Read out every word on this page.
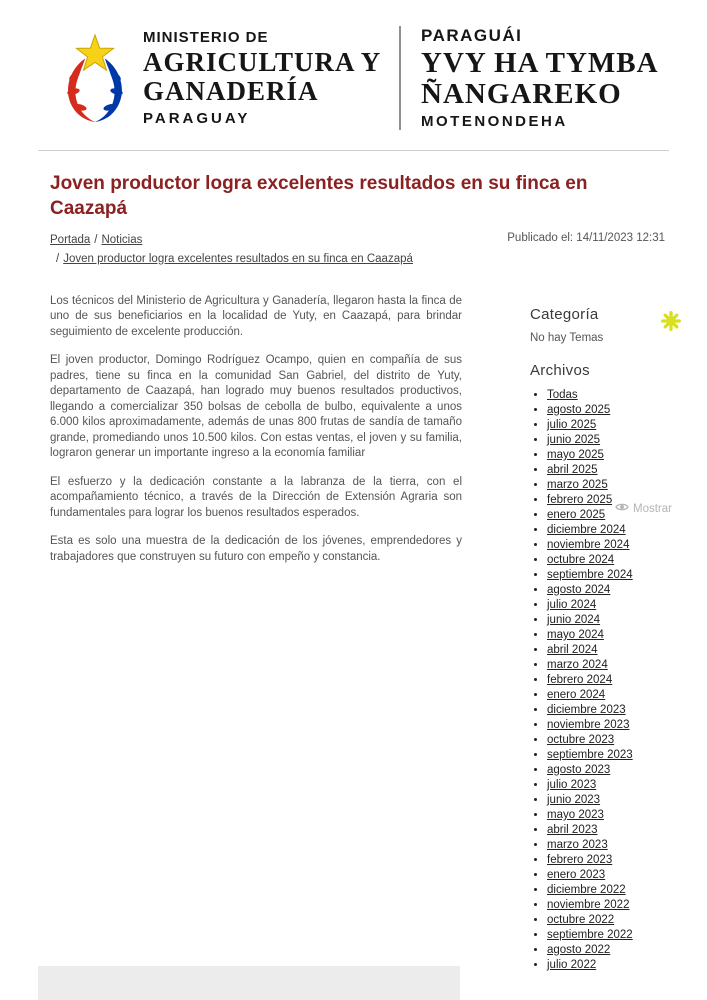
MINISTERIO DE
AGRICULTURA Y
GANADERÍA
PARAGUAY
PARAGUÁI
YVY HA TYMBA
ÑANGAREKO
MOTENONDEHA
Joven productor logra excelentes resultados en su finca en Caazapá
Portada / Noticias/ Joven productor logra excelentes resultados en su finca en Caazapá
Publicado el: 14/11/2023 12:31

Los técnicos del Ministerio de Agricultura y Ganadería, llegaron hasta la finca de uno de sus beneficiarios en la localidad de Yuty, en Caazapá, para brindar seguimiento de excelente producción.

El joven productor, Domingo Rodríguez Ocampo, quien en compañía de sus padres, tiene su finca en la comunidad San Gabriel, del distrito de Yuty, departamento de Caazapá, han logrado muy buenos resultados productivos, llegando a comercializar 350 bolsas de cebolla de bulbo, equivalente a unos 6.000 kilos aproximadamente, además de unas 800 frutas de sandía de tamaño grande, promediando unos 10.500 kilos. Con estas ventas, el joven y su familia, lograron generar un importante ingreso a la economía familiar

El esfuerzo y la dedicación constante a la labranza de la tierra, con el acompañamiento técnico, a través de la Dirección de Extensión Agraria son fundamentales para lograr los buenos resultados esperados.

Esta es solo una muestra de la dedicación de los jóvenes, emprendedores y trabajadores que construyen su futuro con empeño y constancia.

Categoría
No hay Temas
Archivos
• Todas
• agosto 2025
• julio 2025
• junio 2025
• mayo 2025
• abril 2025
• marzo 2025
• febrero 2025
• enero 2025
• diciembre 2024
• noviembre 2024
• octubre 2024
• septiembre 2024
• agosto 2024
• julio 2024
• junio 2024
• mayo 2024
• abril 2024
• marzo 2024
• febrero 2024
• enero 2024
• diciembre 2023
• noviembre 2023
• octubre 2023
• septiembre 2023
• agosto 2023
• julio 2023
• junio 2023
• mayo 2023
• abril 2023
• marzo 2023
• febrero 2023
• enero 2023
• diciembre 2022
• noviembre 2022
• octubre 2022
• septiembre 2022
• agosto 2022
• julio 2022
Mostrar
